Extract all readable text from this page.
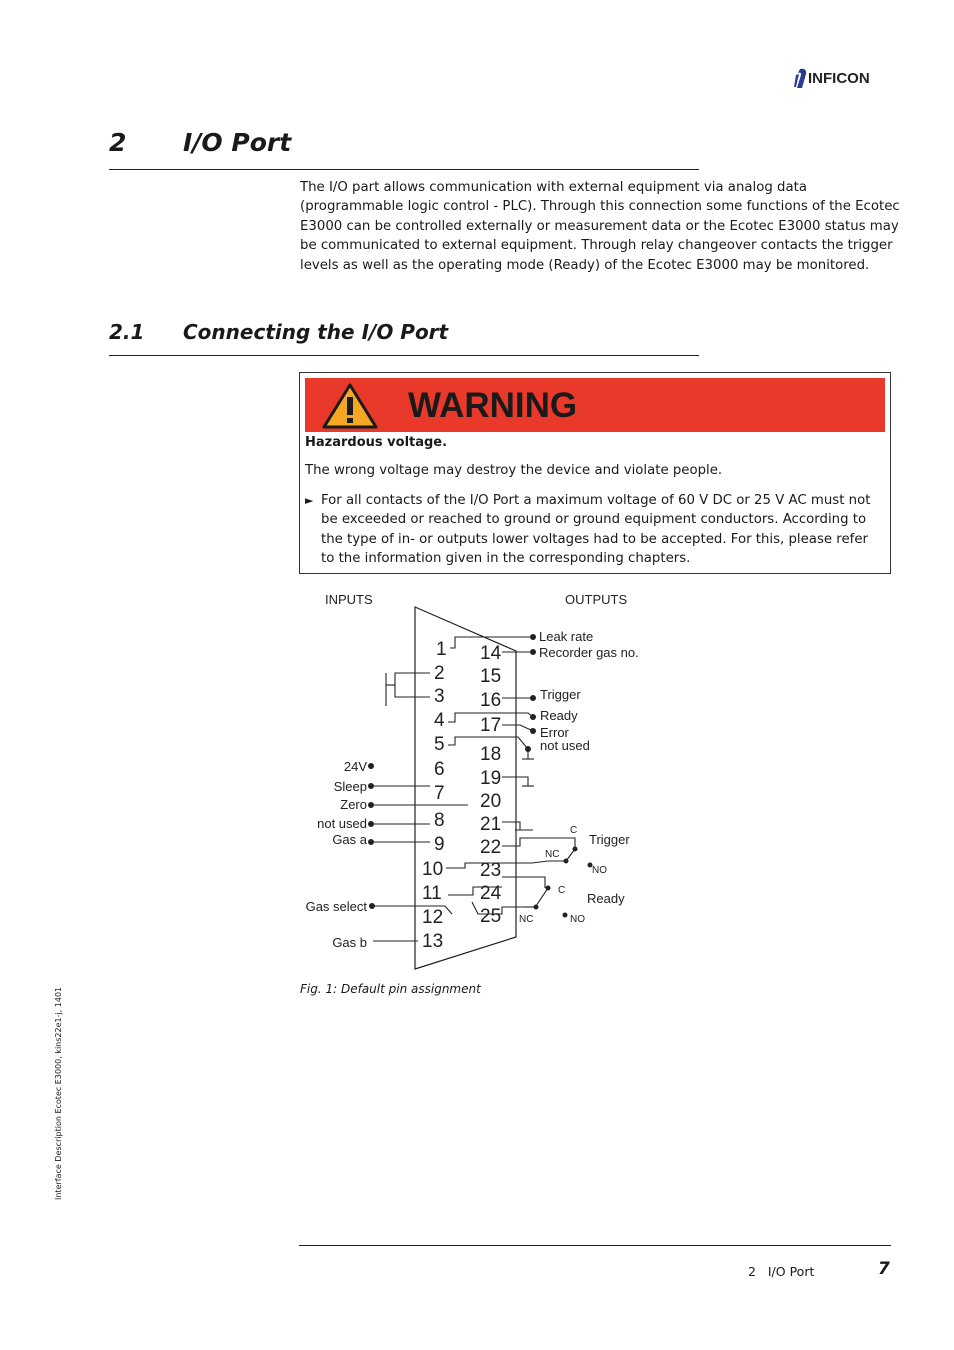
INFICON
2 I/O Port
The I/O part allows communication with external equipment via analog data (programmable logic control - PLC). Through this connection some functions of the Ecotec E3000 can be controlled externally or measurement data or the Ecotec E3000 status may be communicated to external equipment. Through relay changeover contacts the trigger levels as well as the operating mode (Ready) of the Ecotec E3000 may be monitored.
2.1 Connecting the I/O Port
WARNING
Hazardous voltage.
The wrong voltage may destroy the device and violate people.
► For all contacts of the I/O Port a maximum voltage of 60 V DC or 25 V AC must not be exceeded or reached to ground or ground equipment conductors. According to the type of in- or outputs lower voltages had to be accepted. For this, please refer to the information given in the corresponding chapters.
INPUTS	OUTPUTS
1
2
3
4
5
6
7
8
9
10
11
12
13
14
15
16
17
18
19
20
21
22
23
24
25
Leak rate
Recorder gas no.
Trigger
Ready
Error
not used
24V
Sleep
Zero
not used
Gas a
Gas select
Gas b
C
NC
NO
C
NC	NO
Trigger
Ready
Fig. 1: Default pin assignment
Interface Description Ecotec E3000, kins22e1-j, 1401
2   I/O Port	7
